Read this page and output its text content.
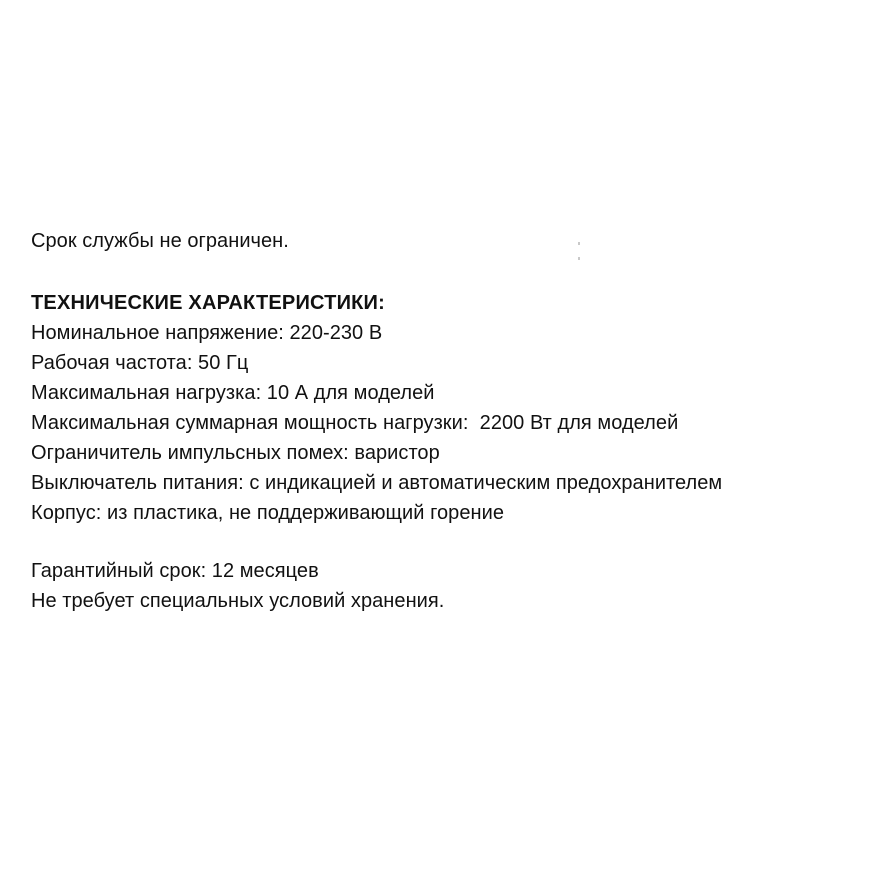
Срок службы не ограничен.
ТЕХНИЧЕСКИЕ ХАРАКТЕРИСТИКИ:
Номинальное напряжение: 220-230 В
Рабочая частота: 50 Гц
Максимальная нагрузка: 10 А для моделей
Максимальная суммарная мощность нагрузки:  2200 Вт для моделей
Ограничитель импульсных помех: варистор
Выключатель питания: с индикацией и автоматическим предохранителем
Корпус: из пластика, не поддерживающий горение
Гарантийный срок: 12 месяцев
Не требует специальных условий хранения.
